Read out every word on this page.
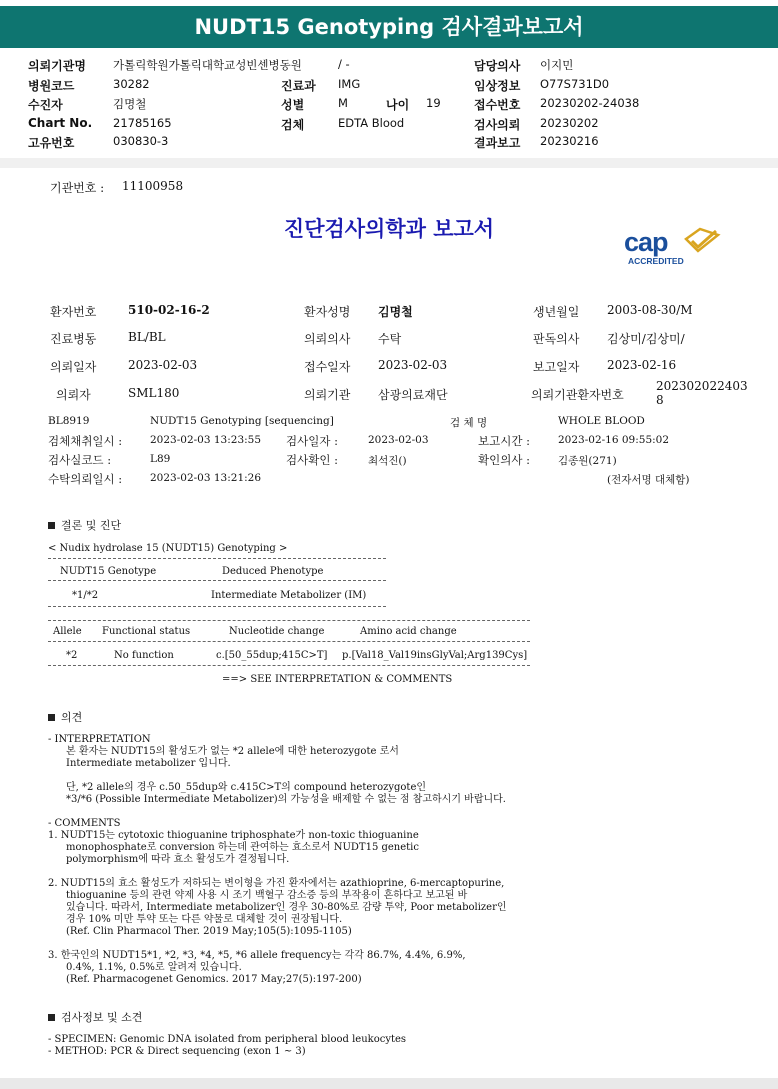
NUDT15 Genotyping 검사결과보고서
의뢰기관명 가톨릭학원가톨릭대학교성빈센병동원	/ -	담당의사 이지민
병원코드	30282	진료과 IMG	임상정보 O77S731D0
수진자	김명철	성별	M	나이 19	접수번호 20230202-24038
Chart No. 21785165	검체	EDTA Blood	검사의뢰 20230202
고유번호	030830-3	결과보고 20230216
기관번호 : 11100958
진단검사의학과 보고서	cap
ACCREDITED
환자번호	510-02-16-2	환자성명 김명철	생년월일 2003-08-30/M
진료병동	BL/BL	의뢰의사 수탁	판독의사 김상미/김상미/
의뢰일자	2023-02-03	접수일자 2023-02-03	보고일자 2023-02-16
의뢰자	SML180	의뢰기관 삼광의료재단	의뢰기관환자번호
202302022403
8
BL8919	NUDT15 Genotyping [sequencing]	검 체 명	WHOLE BLOOD
검체채취일시 :	2023-02-03 13:23:55 검사일자 :	2023-02-03	보고시간 :	2023-02-16 09:55:02
검사실코드 :	L89	검사확인 :	최석진()	확인의사 :	김종원(271)
수탁의뢰일시 :	2023-02-03 13:21:26	(전자서명 대체함)
결론 및 진단
< Nudix hydrolase 15 (NUDT15) Genotyping >
NUDT15 Genotype	Deduced Phenotype
*1/*2	Intermediate Metabolizer (IM)
Allele Functional status	Nucleotide change	Amino acid change
*2	No function	c.[50_55dup;415C>T] p.[Val18_Val19insGlyVal;Arg139Cys]
==> SEE INTERPRETATION & COMMENTS
의견
- INTERPRETATION
본 환자는 NUDT15의 활성도가 없는 *2 allele에 대한 heterozygote 로서
Intermediate metabolizer 입니다.
단, *2 allele의 경우 c.50_55dup와 c.415C>T의 compound heterozygote인
*3/*6 (Possible Intermediate Metabolizer)의 가능성을 배제할 수 없는 점 참고하시기 바랍니다.
- COMMENTS
1. NUDT15는 cytotoxic thioguanine triphosphate가 non-toxic thioguanine
monophosphate로 conversion 하는데 관여하는 효소로서 NUDT15 genetic
polymorphism에 따라 효소 활성도가 결정됩니다.
2. NUDT15의 효소 활성도가 저하되는 변이형을 가진 환자에서는 azathioprine, 6-mercaptopurine,
thioguanine 등의 관련 약제 사용 시 조기 백혈구 감소증 등의 부작용이 흔하다고 보고된 바
있습니다. 따라서, Intermediate metabolizer인 경우 30-80%로 감량 투약, Poor metabolizer인
경우 10% 미만 투약 또는 다른 약물로 대체할 것이 권장됩니다.
(Ref. Clin Pharmacol Ther. 2019 May;105(5):1095-1105)
3. 한국인의 NUDT15*1, *2, *3, *4, *5, *6 allele frequency는 각각 86.7%, 4.4%, 6.9%,
0.4%, 1.1%, 0.5%로 알려져 있습니다.
(Ref. Pharmacogenet Genomics. 2017 May;27(5):197-200)
검사정보 및 소견
- SPECIMEN: Genomic DNA isolated from peripheral blood leukocytes
- METHOD: PCR & Direct sequencing (exon 1 ~ 3)
